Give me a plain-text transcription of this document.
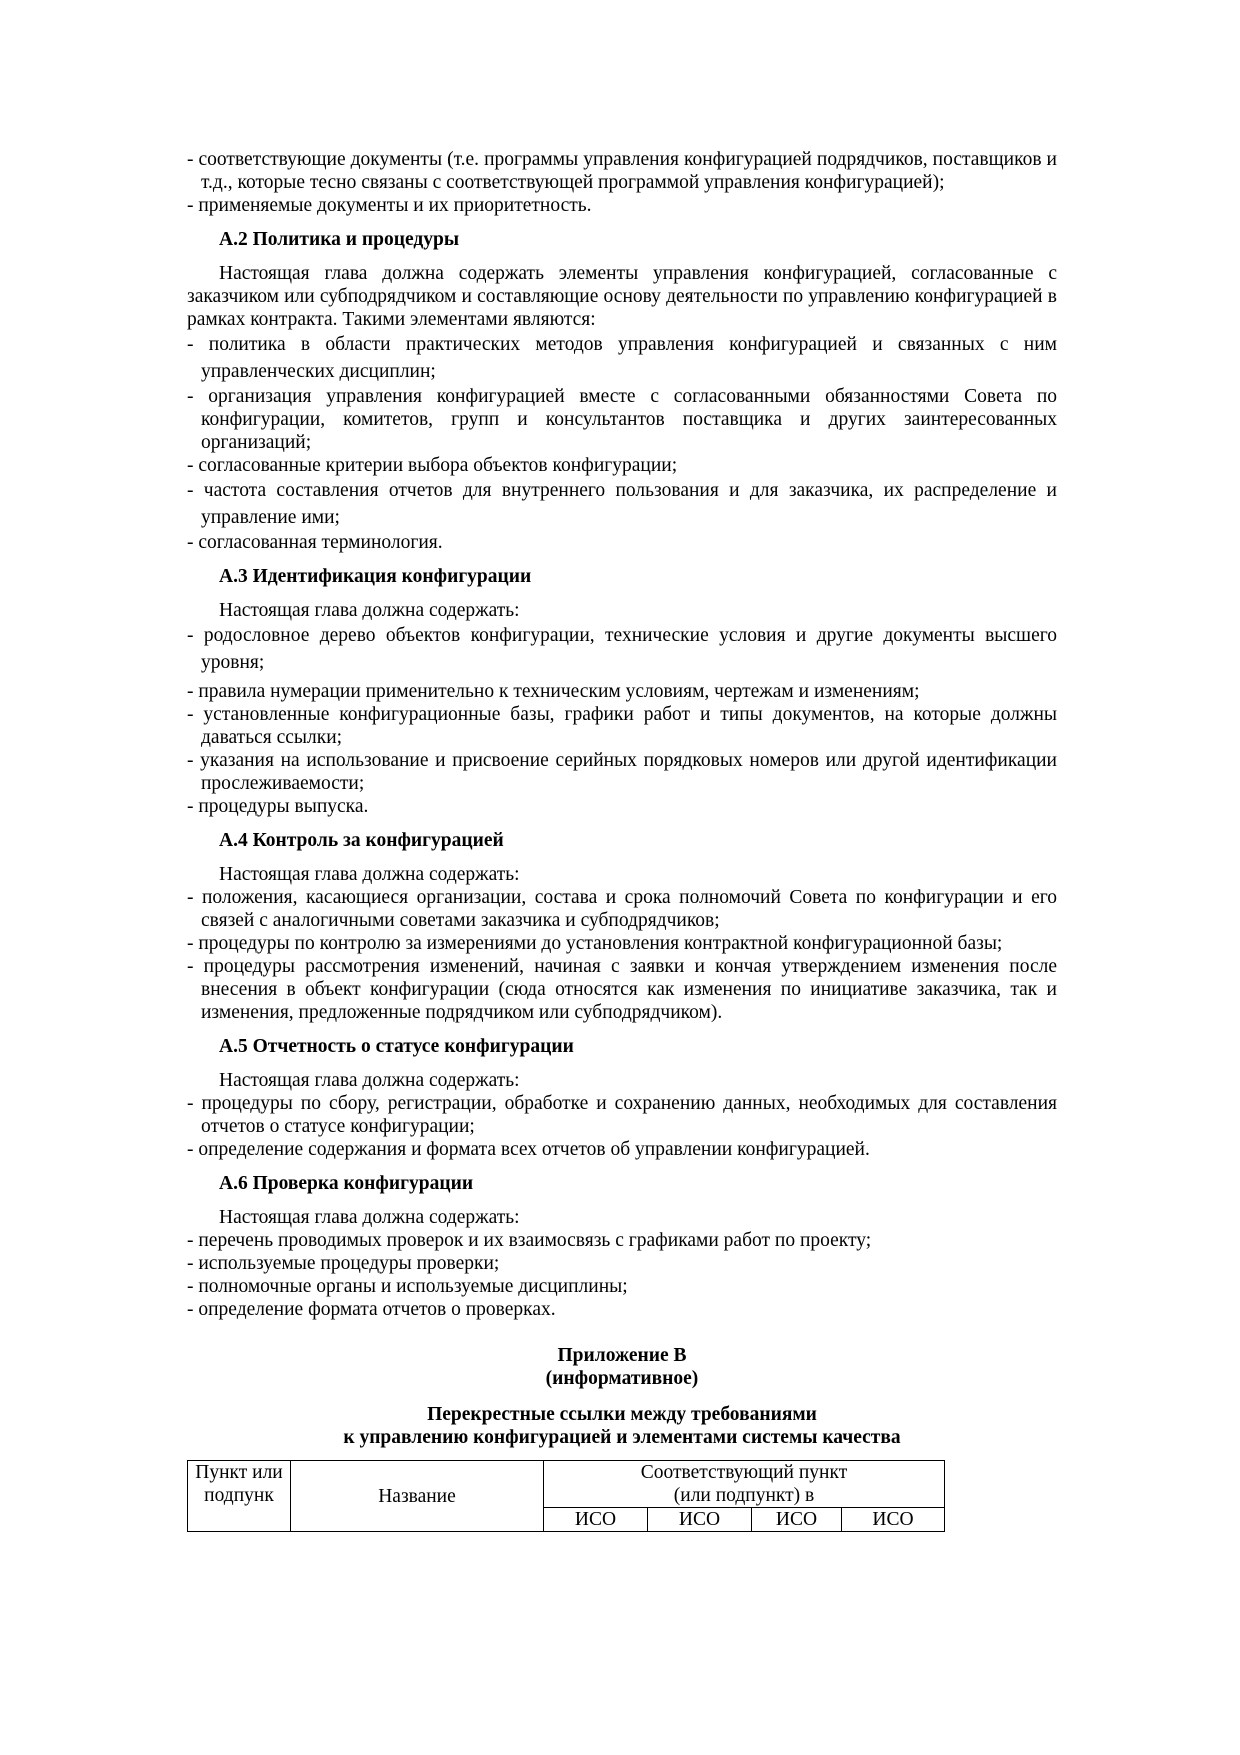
- соответствующие документы (т.е. программы управления конфигурацией подрядчиков, поставщиков и т.д., которые тесно связаны с соответствующей программой управления конфигурацией);

- применяемые документы и их приоритетность.

А.2 Политика и процедуры

Настоящая глава должна содержать элементы управления конфигурацией, согласованные с заказчиком или субподрядчиком и составляющие основу деятельности по управлению конфигурацией в рамках контракта. Такими элементами являются:

- политика в области практических методов управления конфигурацией и связанных с ним управленческих дисциплин;

- организация управления конфигурацией вместе с согласованными обязанностями Совета по конфигурации, комитетов, групп и консультантов поставщика и других заинтересованных организаций;

- согласованные критерии выбора объектов конфигурации;

- частота составления отчетов для внутреннего пользования и для заказчика, их распределение и управление ими;

- согласованная терминология.

А.3 Идентификация конфигурации

Настоящая глава должна содержать:

- родословное дерево объектов конфигурации, технические условия и другие документы высшего уровня;

- правила нумерации применительно к техническим условиям, чертежам и изменениям;

- установленные конфигурационные базы, графики работ и типы документов, на которые должны даваться ссылки;

- указания на использование и присвоение серийных порядковых номеров или другой идентификации прослеживаемости;

- процедуры выпуска.

А.4 Контроль за конфигурацией

Настоящая глава должна содержать:

- положения, касающиеся организации, состава и срока полномочий Совета по конфигурации и его связей с аналогичными советами заказчика и субподрядчиков;

- процедуры по контролю за измерениями до установления контрактной конфигурационной базы;

- процедуры рассмотрения изменений, начиная с заявки и кончая утверждением изменения после внесения в объект конфигурации (сюда относятся как изменения по инициативе заказчика, так и изменения, предложенные подрядчиком или субподрядчиком).

А.5 Отчетность о статусе конфигурации

Настоящая глава должна содержать:

- процедуры по сбору, регистрации, обработке и сохранению данных, необходимых для составления отчетов о статусе конфигурации;

- определение содержания и формата всех отчетов об управлении конфигурацией.

А.6 Проверка конфигурации

Настоящая глава должна содержать:

- перечень проводимых проверок и их взаимосвязь с графиками работ по проекту;

- используемые процедуры проверки;

- полномочные органы и используемые дисциплины;

- определение формата отчетов о проверках.

Приложение В

(информативное)

Перекрестные ссылки между требованиями

к управлению конфигурацией и элементами системы качества

Пункт или подпунк	Название	Соответствующий пункт
(или подпункт) в			
		ИСО	ИСО	ИСО	ИСО
